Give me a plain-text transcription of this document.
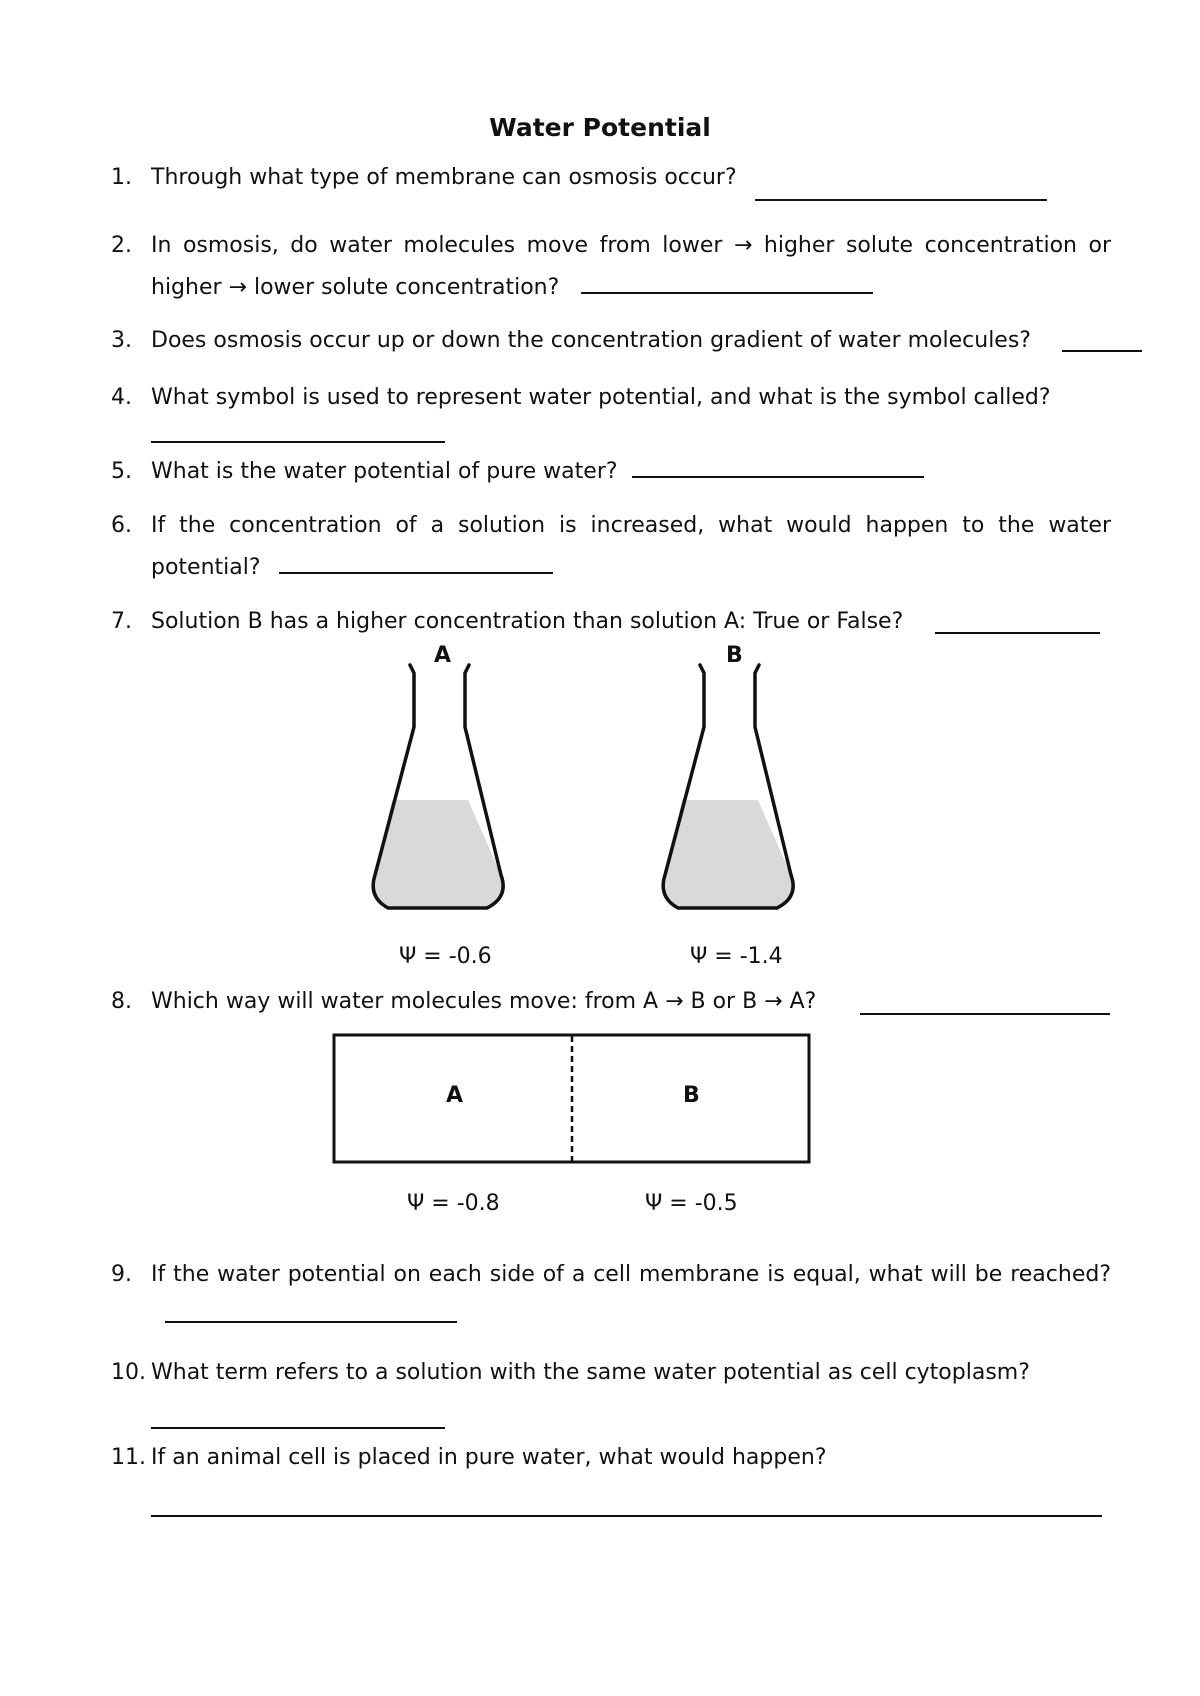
Water Potential
1. Through what type of membrane can osmosis occur?
2. In osmosis, do water molecules move from lower → higher solute concentration or higher → lower solute concentration?
3. Does osmosis occur up or down the concentration gradient of water molecules?
4. What symbol is used to represent water potential, and what is the symbol called?
5. What is the water potential of pure water?
6. If the concentration of a solution is increased, what would happen to the water potential?
7. Solution B has a higher concentration than solution A: True or False?
A	B
Ψ = -0.6	Ψ = -1.4
8. Which way will water molecules move: from A → B or B → A?
A	B
Ψ = -0.8	Ψ = -0.5
9. If the water potential on each side of a cell membrane is equal, what will be reached?
10. What term refers to a solution with the same water potential as cell cytoplasm?
11. If an animal cell is placed in pure water, what would happen?
